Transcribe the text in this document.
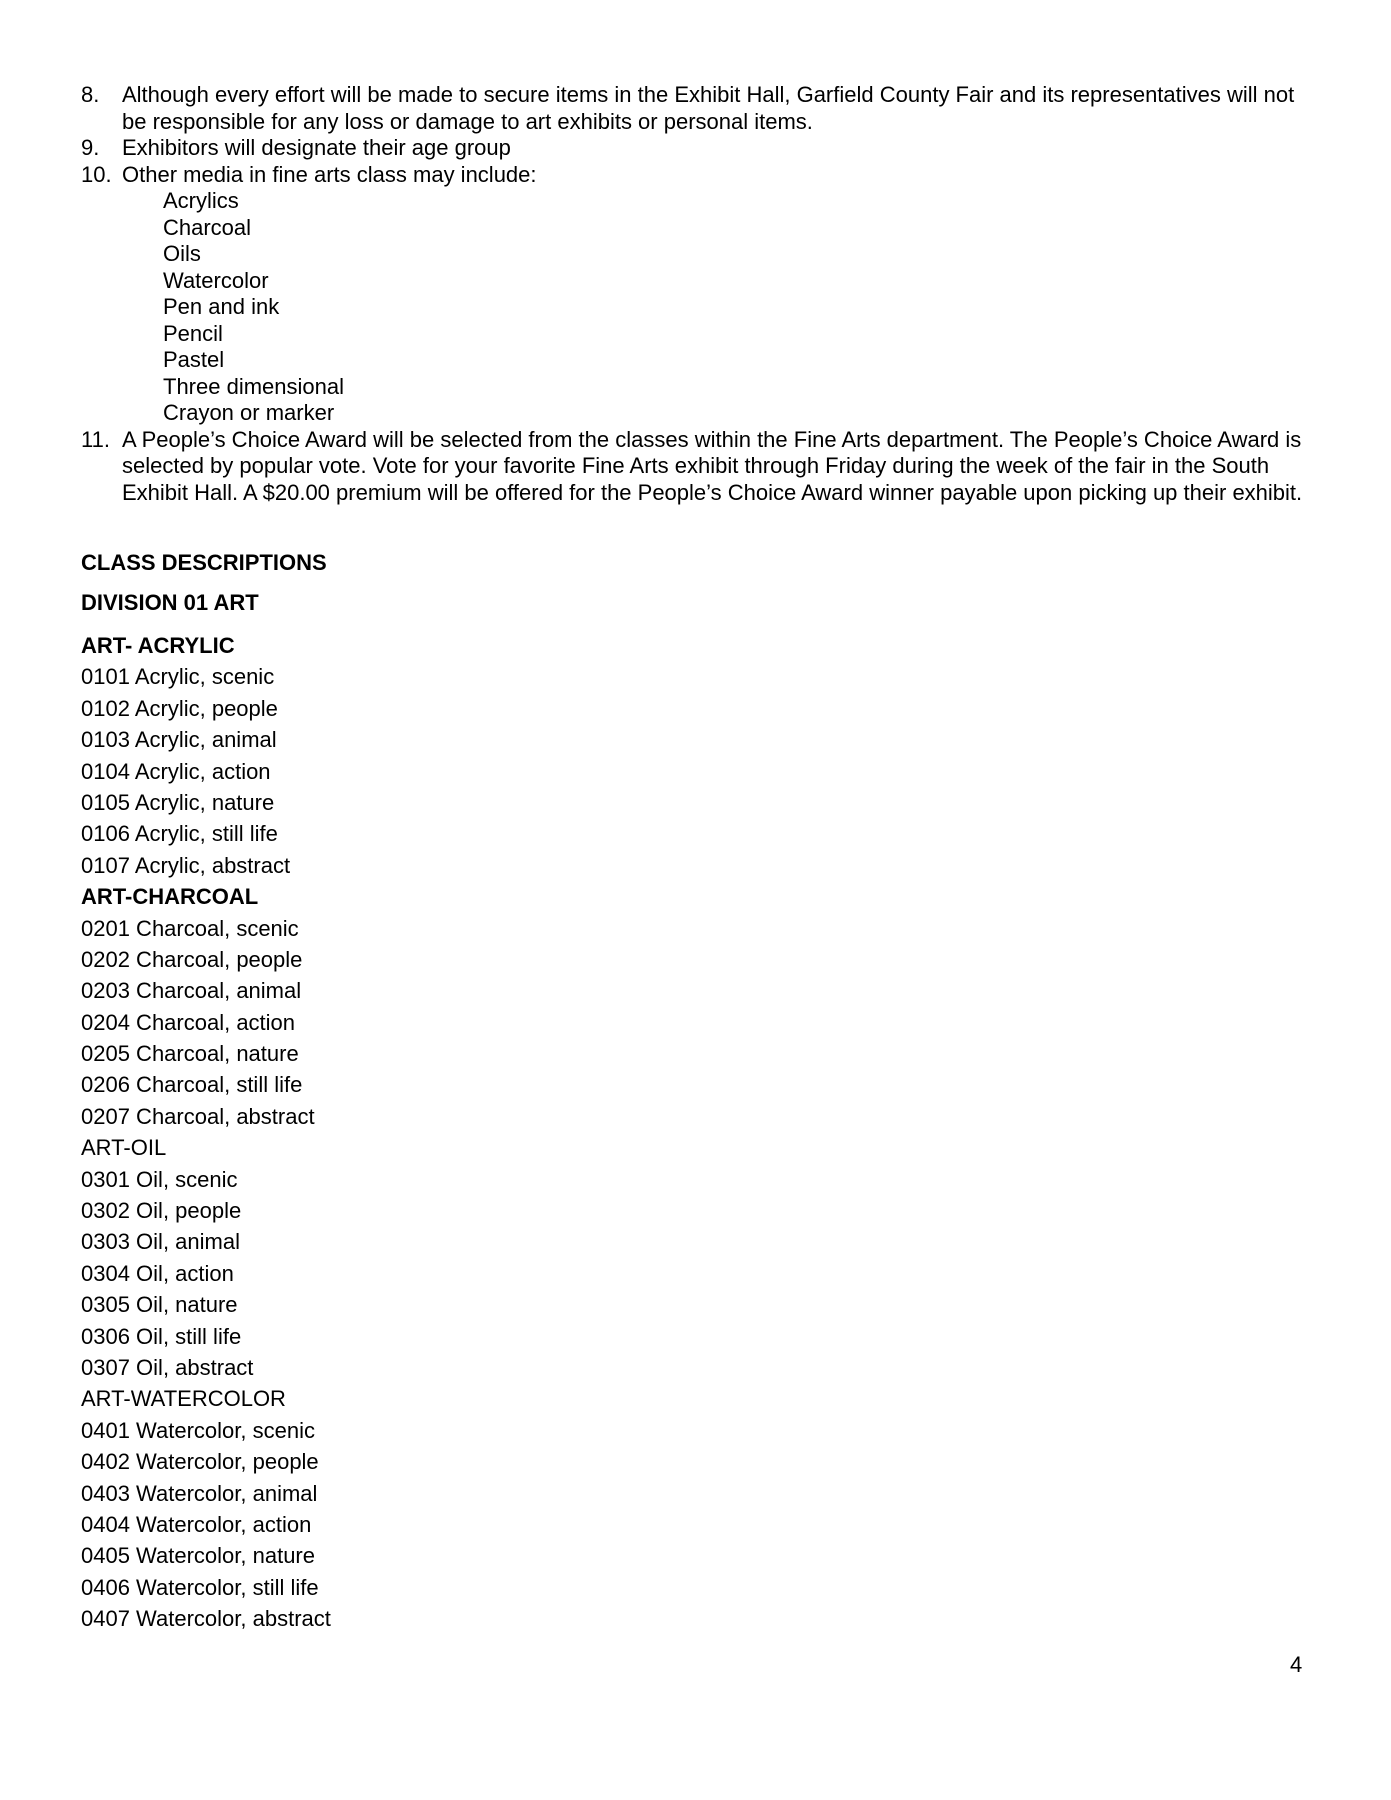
8.	Although every effort will be made to secure items in the Exhibit Hall, Garfield County Fair and its representatives will not be responsible for any loss or damage to art exhibits or personal items.
9.	Exhibitors will designate their age group
10. Other media in fine arts class may include:
Acrylics
Charcoal
Oils
Watercolor
Pen and ink
Pencil
Pastel
Three dimensional
Crayon or marker
11. A People’s Choice Award will be selected from the classes within the Fine Arts department. The People’s Choice Award is selected by popular vote. Vote for your favorite Fine Arts exhibit through Friday during the week of the fair in the South Exhibit Hall. A $20.00 premium will be offered for the People’s Choice Award winner payable upon picking up their exhibit.
CLASS DESCRIPTIONS
DIVISION 01 ART
ART- ACRYLIC
0101 Acrylic, scenic
0102 Acrylic, people
0103 Acrylic, animal
0104 Acrylic, action
0105 Acrylic, nature
0106 Acrylic, still life
0107 Acrylic, abstract
ART-CHARCOAL
0201 Charcoal, scenic
0202 Charcoal, people
0203 Charcoal, animal
0204 Charcoal, action
0205 Charcoal, nature
0206 Charcoal, still life
0207 Charcoal, abstract
ART-OIL
0301 Oil, scenic
0302 Oil, people
0303 Oil, animal
0304 Oil, action
0305 Oil, nature
0306 Oil, still life
0307 Oil, abstract
ART-WATERCOLOR
0401 Watercolor, scenic
0402 Watercolor, people
0403 Watercolor, animal
0404 Watercolor, action
0405 Watercolor, nature
0406 Watercolor, still life
0407 Watercolor, abstract
4
